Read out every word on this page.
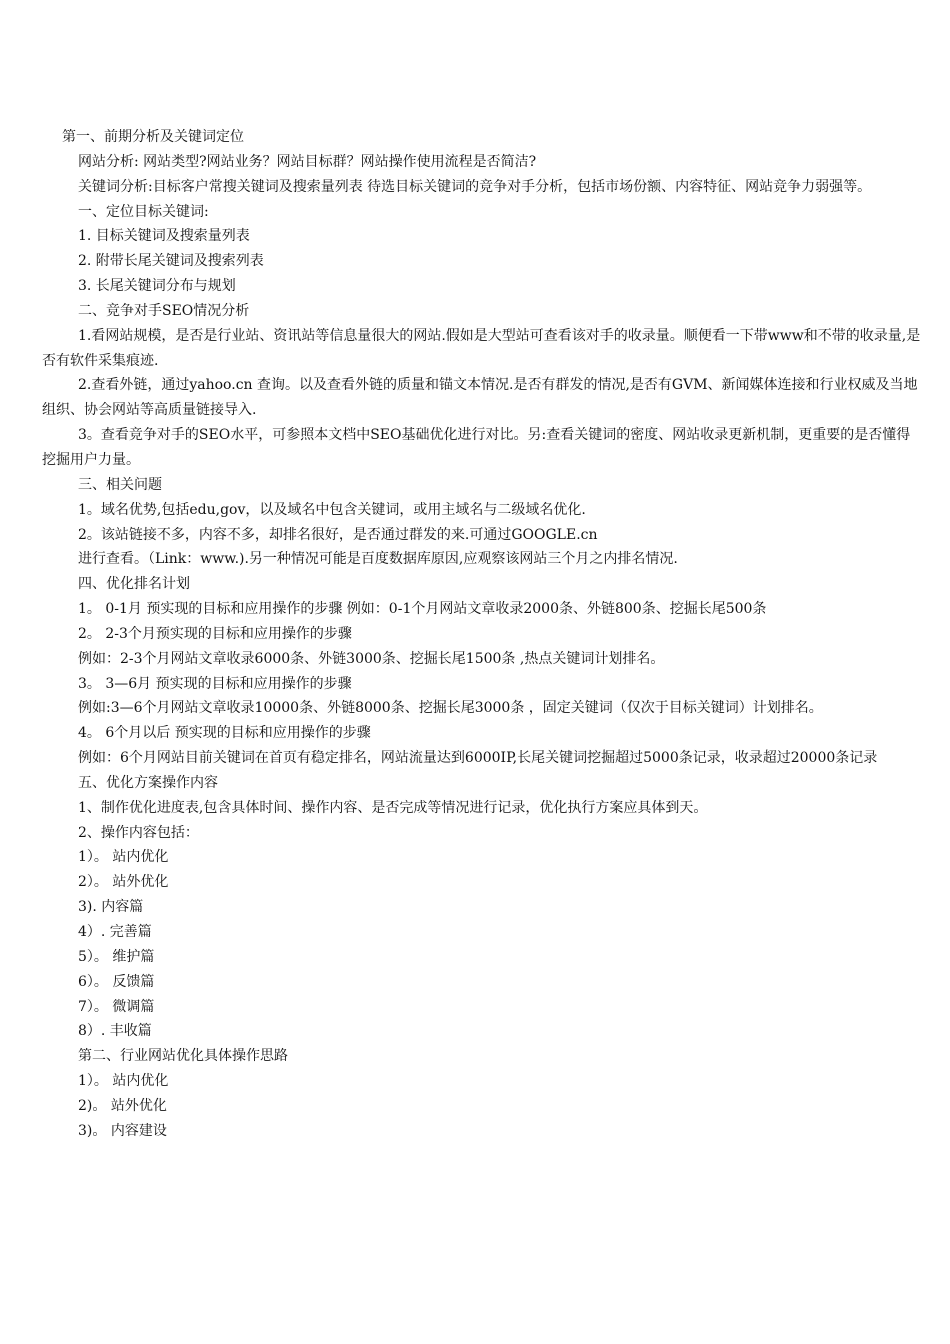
第一、前期分析及关键词定位

网站分析: 网站类型?网站业务？网站目标群？网站操作使用流程是否简洁?

关键词分析:目标客户常搜关键词及搜索量列表 待选目标关键词的竞争对手分析，包括市场份额、内容特征、网站竞争力弱强等。

一、定位目标关键词:

1. 目标关键词及搜索量列表

2. 附带长尾关键词及搜索列表

3. 长尾关键词分布与规划

二、竞争对手SEO情况分析

1.看网站规模，是否是行业站、资讯站等信息量很大的网站.假如是大型站可查看该对手的收录量。顺便看一下带www和不带的收录量,是否有软件采集痕迹.

2.查看外链，通过yahoo.cn 查询。以及查看外链的质量和锚文本情况.是否有群发的情况,是否有GVM、新闻媒体连接和行业权威及当地组织、协会网站等高质量链接导入.

3。查看竞争对手的SEO水平，可参照本文档中SEO基础优化进行对比。另:查看关键词的密度、网站收录更新机制，更重要的是否懂得挖掘用户力量。

三、相关问题

1。域名优势,包括edu,gov，以及域名中包含关键词，或用主域名与二级域名优化.

2。该站链接不多，内容不多，却排名很好，是否通过群发的来.可通过GOOGLE.cn

进行查看。（Link：www.).另一种情况可能是百度数据库原因,应观察该网站三个月之内排名情况.

四、优化排名计划

1。 0-1月 预实现的目标和应用操作的步骤 例如：0-1个月网站文章收录2000条、外链800条、挖掘长尾500条

2。 2-3个月预实现的目标和应用操作的步骤

例如：2-3个月网站文章收录6000条、外链3000条、挖掘长尾1500条 ,热点关键词计划排名。

3。 3—6月 预实现的目标和应用操作的步骤

例如:3—6个月网站文章收录10000条、外链8000条、挖掘长尾3000条 ，固定关键词（仅次于目标关键词）计划排名。

4。 6个月以后 预实现的目标和应用操作的步骤

例如：6个月网站目前关键词在首页有稳定排名，网站流量达到6000IP,长尾关键词挖掘超过5000条记录，收录超过20000条记录

五、优化方案操作内容

1、制作优化进度表,包含具体时间、操作内容、是否完成等情况进行记录，优化执行方案应具体到天。

2、操作内容包括：

1）。 站内优化

2）。 站外优化

3). 内容篇

4）. 完善篇

5）。 维护篇

6）。 反馈篇

7）。 微调篇

8）. 丰收篇

第二、行业网站优化具体操作思路

1）。 站内优化

2)。 站外优化

3)。 内容建设
